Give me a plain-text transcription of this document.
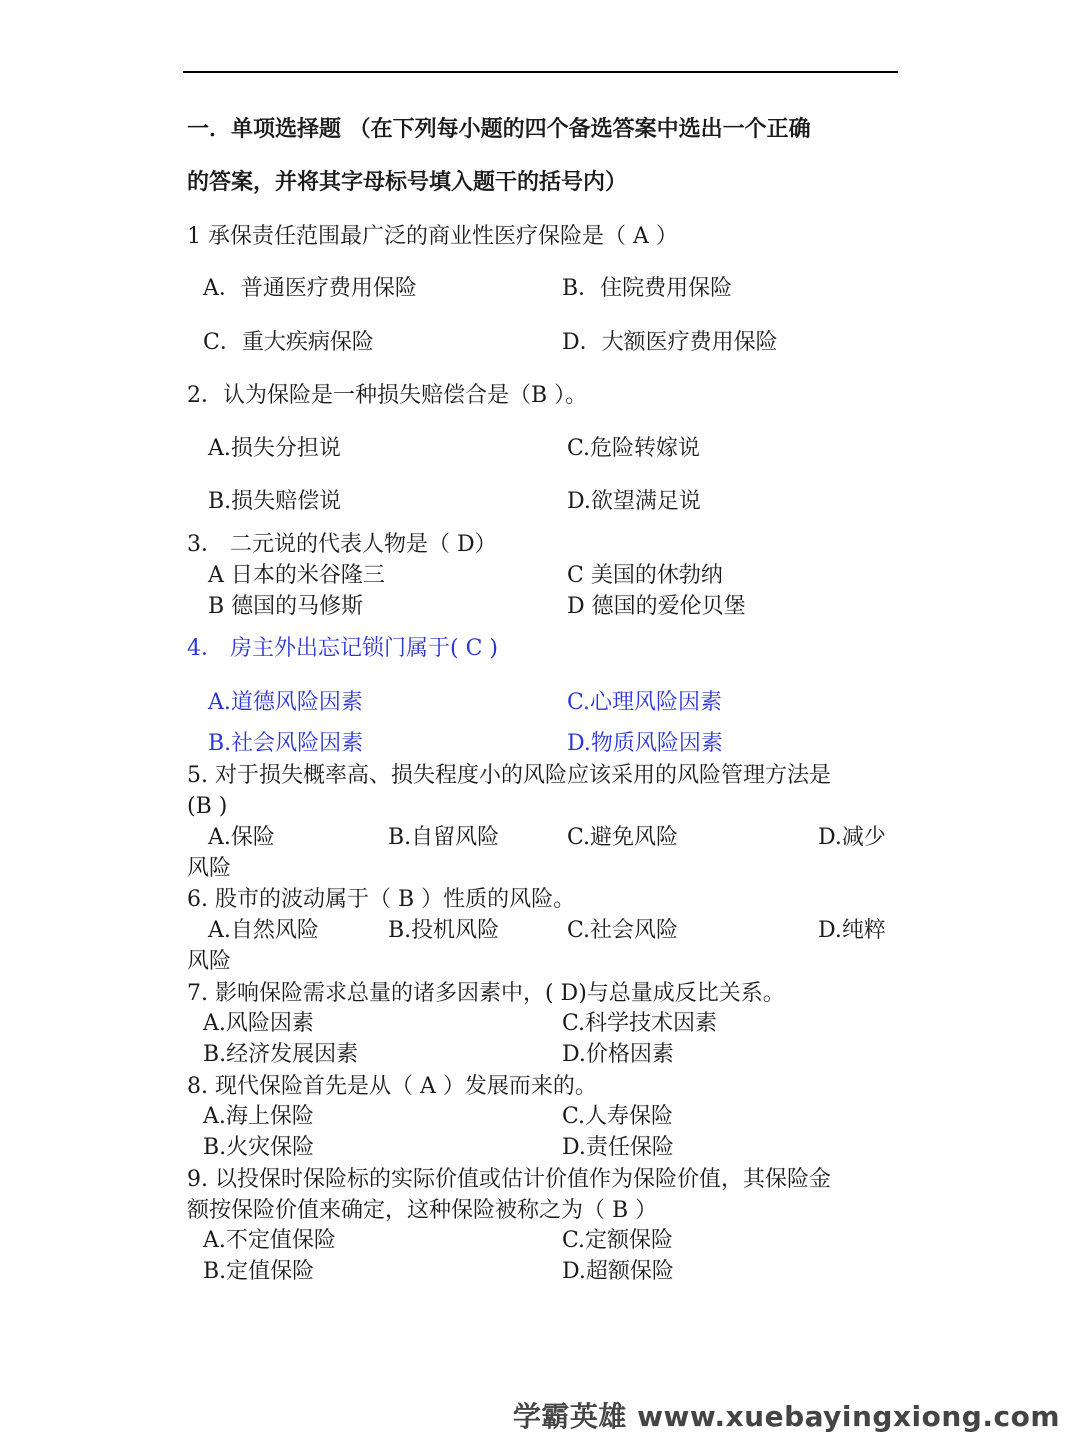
一．单项选择题 （在下列每小题的四个备选答案中选出一个正确
的答案，并将其字母标号填入题干的括号内）
1 承保责任范围最广泛的商业性医疗保险是（ A ）
A．普通医疗费用保险	B．住院费用保险
C．重大疾病保险	D．大额医疗费用保险
2．认为保险是一种损失赔偿合是（B ）。
A.损失分担说	C.危险转嫁说
B.损失赔偿说	D.欲望满足说
3． 二元说的代表人物是（ D）
A 日本的米谷隆三	C 美国的休勃纳
B 德国的马修斯	D 德国的爱伦贝堡
4． 房主外出忘记锁门属于( C )
A.道德风险因素	C.心理风险因素
B.社会风险因素	D.物质风险因素
5. 对于损失概率高、损失程度小的风险应该采用的风险管理方法是
(B )
A.保险	B.自留风险	C.避免风险	D.减少
风险
6. 股市的波动属于（ B ）性质的风险。
A.自然风险	B.投机风险	C.社会风险	D.纯粹
风险
7. 影响保险需求总量的诸多因素中，( D)与总量成反比关系。
A.风险因素	C.科学技术因素
B.经济发展因素	D.价格因素
8. 现代保险首先是从（ A ）发展而来的。
A.海上保险	C.人寿保险
B.火灾保险	D.责任保险
9. 以投保时保险标的实际价值或估计价值作为保险价值，其保险金
额按保险价值来确定，这种保险被称之为（ B ）
A.不定值保险	C.定额保险
B.定值保险	D.超额保险
学霸英雄 www.xuebayingxiong.com
